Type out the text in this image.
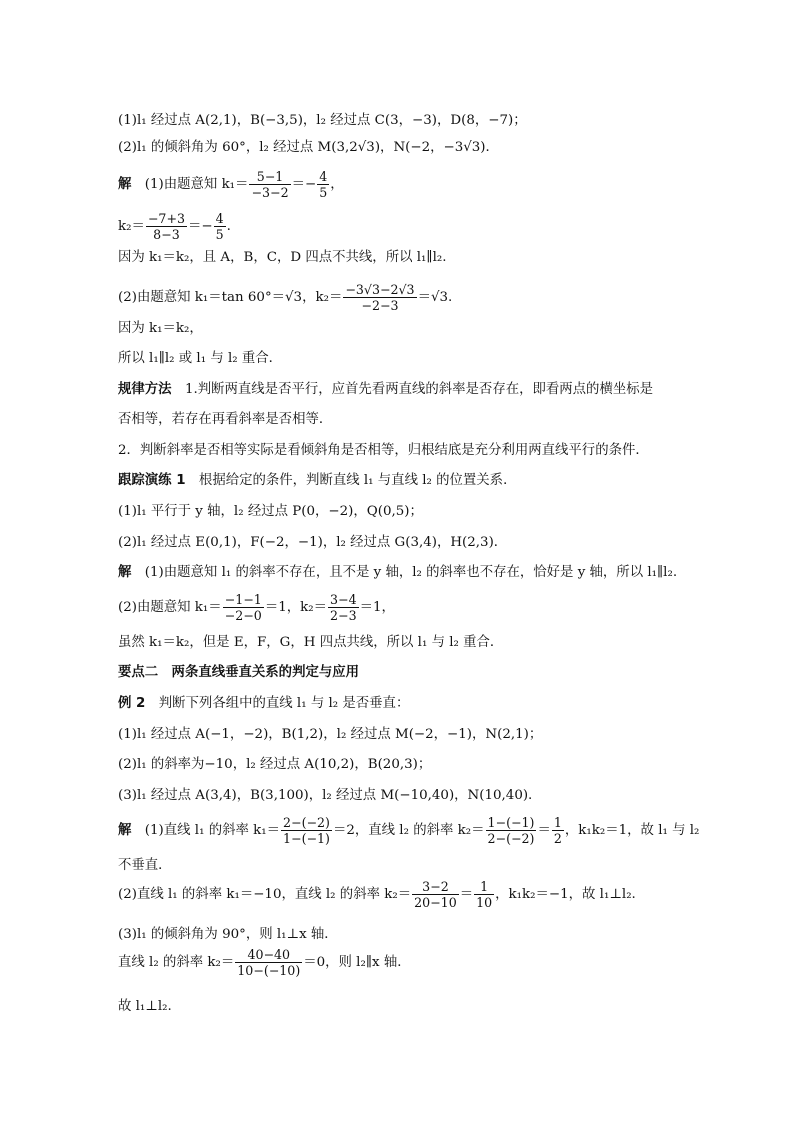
(1)l₁ 经过点 A(2,1)，B(−3,5)，l₂ 经过点 C(3，−3)，D(8，−7)；
(2)l₁ 的倾斜角为 60°，l₂ 经过点 M(3,2√3)，N(−2，−3√3)．
解　(1)由题意知 $k_1= \frac{5-1}{-3-2} =- \frac{4}{5}$ ，
$k_2= \frac{-7+3}{8-3} =- \frac{4}{5}$ .
因为 k₁＝k₂，且 A，B，C，D 四点不共线，所以 l₁∥l₂.
(2)由题意知 k₁＝tan 60°＝√3，$k_2= \frac{-3√3-2√3}{-2-3} =√3$.
因为 k₁＝k₂，
所以 l₁∥l₂ 或 l₁ 与 l₂ 重合．
规律方法　1.判断两直线是否平行，应首先看两直线的斜率是否存在，即看两点的横坐标是
否相等，若存在再看斜率是否相等．
2．判断斜率是否相等实际是看倾斜角是否相等，归根结底是充分利用两直线平行的条件．
跟踪演练 1　根据给定的条件，判断直线 l₁ 与直线 l₂ 的位置关系．
(1)l₁ 平行于 y 轴，l₂ 经过点 P(0，−2)，Q(0,5)；
(2)l₁ 经过点 E(0,1)，F(−2，−1)，l₂ 经过点 G(3,4)，H(2,3)．
解　(1)由题意知 l₁ 的斜率不存在，且不是 y 轴，l₂ 的斜率也不存在，恰好是 y 轴，所以 l₁∥l₂.
(2)由题意知 $k_1= \frac{-1-1}{-2-0} =1$，$k_2= \frac{3-4}{2-3} =1$，
虽然 k₁＝k₂，但是 E，F，G，H 四点共线，所以 l₁ 与 l₂ 重合．
要点二　两条直线垂直关系的判定与应用
例 2　判断下列各组中的直线 l₁ 与 l₂ 是否垂直：
(1)l₁ 经过点 A(−1，−2)，B(1,2)，l₂ 经过点 M(−2，−1)，N(2,1)；
(2)l₁ 的斜率为−10，l₂ 经过点 A(10,2)，B(20,3)；
(3)l₁ 经过点 A(3,4)，B(3,100)，l₂ 经过点 M(−10,40)，N(10,40).
解　(1)直线 l₁ 的斜率 $k_1= \frac{2-(-2)}{1-(-1)} =2$，直线 l₂ 的斜率 $k_2= \frac{1-(-1)}{2-(-2)} = \frac{1}{2}$ ，k₁k₂＝1，故 l₁ 与 l₂
不垂直．
(2)直线 l₁ 的斜率 k₁＝−10，直线 l₂ 的斜率 $k_2= \frac{3-2}{20-10} = \frac{1}{10}$ ，k₁k₂＝−1，故 l₁⊥l₂.
(3)l₁ 的倾斜角为 90°，则 l₁⊥x 轴．
直线 l₂ 的斜率 $k_2= \frac{40-40}{10-(-10)} =0$，则 l₂∥x 轴．
故 l₁⊥l₂.
